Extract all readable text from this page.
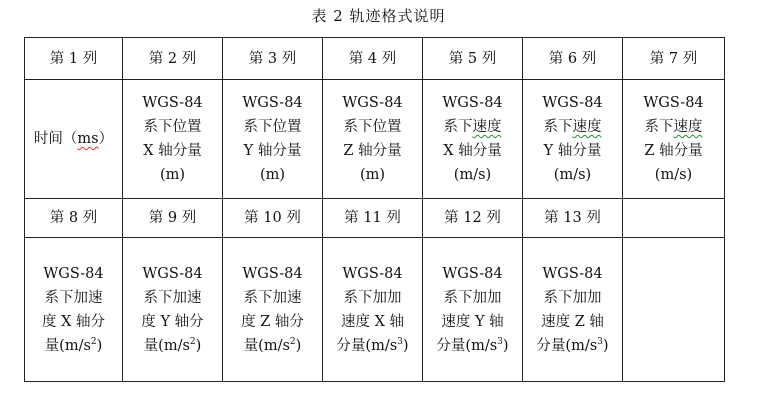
表 2 轨迹格式说明
第 1 列	第 2 列	第 3 列	第 4 列	第 5 列	第 6 列	第 7 列
时间（ms）	WGS-84
系下位置
X 轴分量
(m)	WGS-84
系下位置
Y 轴分量
(m)	WGS-84
系下位置
Z 轴分量
(m)	WGS-84
系下速度
X 轴分量
(m/s)	WGS-84
系下速度
Y 轴分量
(m/s)	WGS-84
系下速度
Z 轴分量
(m/s)
第 8 列	第 9 列	第 10 列	第 11 列	第 12 列	第 13 列	
WGS-84
系下加速
度 X 轴分
量$(m/s^2)$	WGS-84
系下加速
度 Y 轴分
量$(m/s^2)$	WGS-84
系下加速
度 Z 轴分
量$(m/s^2)$	WGS-84
系下加加
速度 X 轴
分量$(m/s^3)$	WGS-84
系下加加
速度 Y 轴
分量$(m/s^3)$	WGS-84
系下加加
速度 Z 轴
分量$(m/s^3)$	
